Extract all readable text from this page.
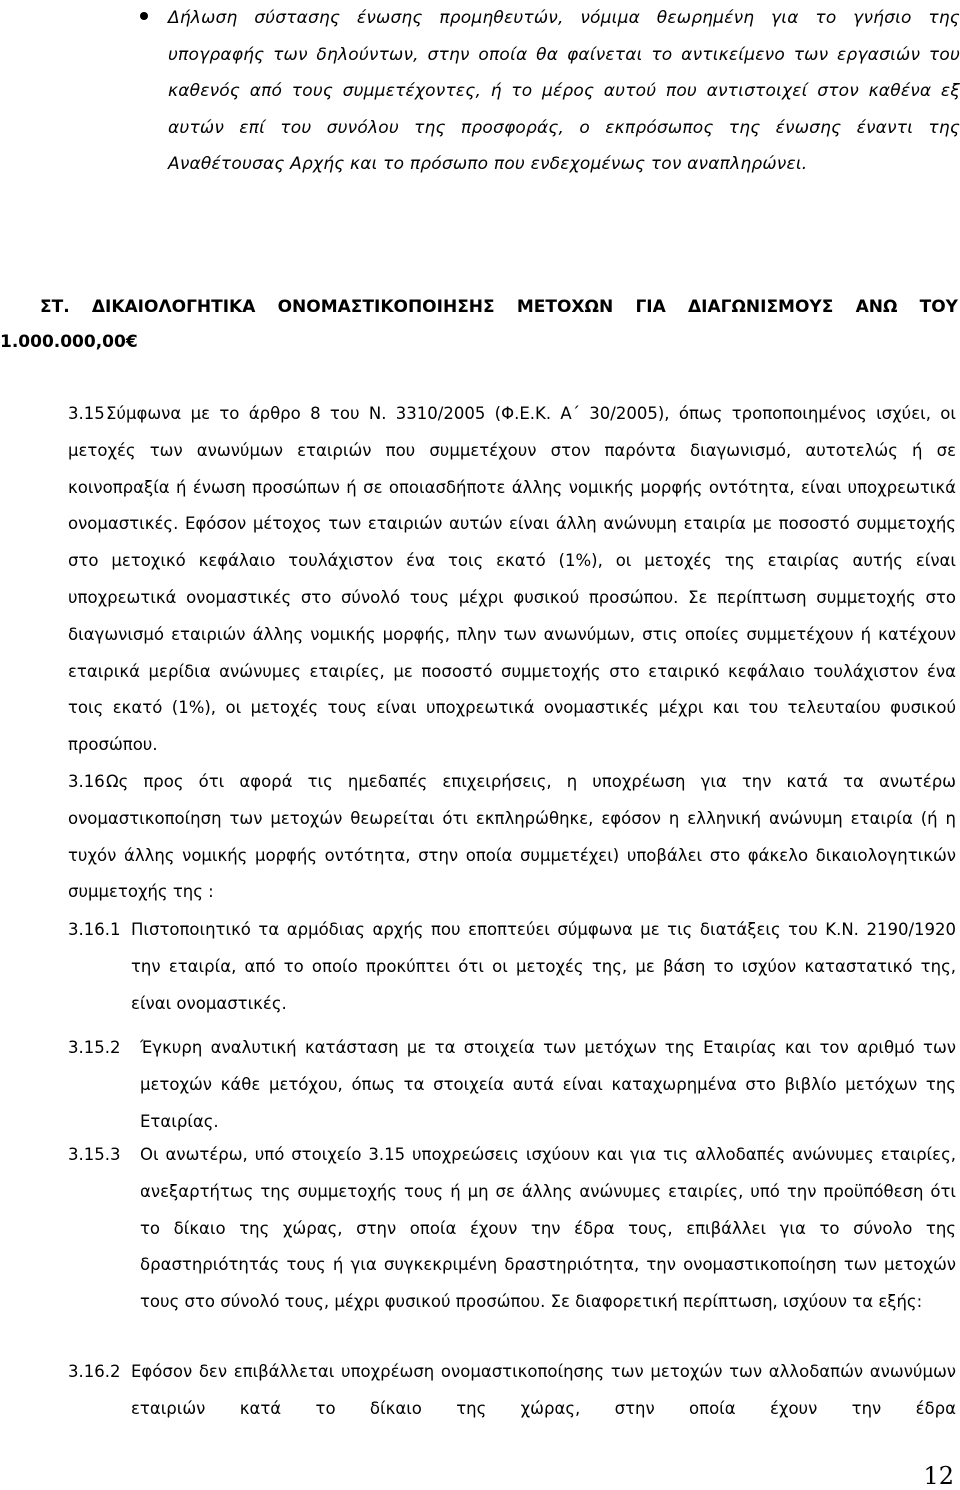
Δήλωση σύστασης ένωσης προμηθευτών, νόμιμα θεωρημένη για το γνήσιο της υπογραφής των δηλούντων, στην οποία θα φαίνεται το αντικείμενο των εργασιών του καθενός από τους συμμετέχοντες, ή το μέρος αυτού που αντιστοιχεί στον καθένα εξ αυτών επί του συνόλου της προσφοράς, ο εκπρόσωπος της ένωσης έναντι της Αναθέτουσας Αρχής και το πρόσωπο που ενδεχομένως τον αναπληρώνει.
ΣΤ. ΔΙΚΑΙΟΛΟΓΗΤΙΚΑ ΟΝΟΜΑΣΤΙΚΟΠΟΙΗΣΗΣ ΜΕΤΟΧΩΝ ΓΙΑ ΔΙΑΓΩΝΙΣΜΟΥΣ ΑΝΩ ΤΟΥ
1.000.000,00€
3.15 Σύμφωνα με το άρθρο 8 του Ν. 3310/2005 (Φ.Ε.Κ. Α΄ 30/2005), όπως τροποποιημένος ισχύει, οι μετοχές των ανωνύμων εταιριών που συμμετέχουν στον παρόντα διαγωνισμό, αυτοτελώς ή σε κοινοπραξία ή ένωση προσώπων ή σε οποιασδήποτε άλλης νομικής μορφής οντότητα, είναι υποχρεωτικά ονομαστικές. Εφόσον μέτοχος των εταιριών αυτών είναι άλλη ανώνυμη εταιρία με ποσοστό συμμετοχής στο μετοχικό κεφάλαιο τουλάχιστον ένα τοις εκατό (1%), οι μετοχές της εταιρίας αυτής είναι υποχρεωτικά ονομαστικές στο σύνολό τους μέχρι φυσικού προσώπου. Σε περίπτωση συμμετοχής στο διαγωνισμό εταιριών άλλης νομικής μορφής, πλην των ανωνύμων, στις οποίες συμμετέχουν ή κατέχουν εταιρικά μερίδια ανώνυμες εταιρίες, με ποσοστό συμμετοχής στο εταιρικό κεφάλαιο τουλάχιστον ένα τοις εκατό (1%), οι μετοχές τους είναι υποχρεωτικά ονομαστικές μέχρι και του τελευταίου φυσικού προσώπου.
3.16 Ως προς ότι αφορά τις ημεδαπές επιχειρήσεις, η υποχρέωση για την κατά τα ανωτέρω ονομαστικοποίηση των μετοχών θεωρείται ότι εκπληρώθηκε, εφόσον η ελληνική ανώνυμη εταιρία (ή η τυχόν άλλης νομικής μορφής οντότητα, στην οποία συμμετέχει) υποβάλει στο φάκελο δικαιολογητικών συμμετοχής της :
3.16.1 Πιστοποιητικό τα αρμόδιας αρχής που εποπτεύει σύμφωνα με τις διατάξεις του Κ.Ν. 2190/1920 την εταιρία, από το οποίο προκύπτει ότι οι μετοχές της, με βάση το ισχύον καταστατικό της, είναι ονομαστικές.
3.15.2 Έγκυρη αναλυτική κατάσταση με τα στοιχεία των μετόχων της Εταιρίας και τον αριθμό των μετοχών κάθε μετόχου, όπως τα στοιχεία αυτά είναι καταχωρημένα στο βιβλίο μετόχων της Εταιρίας.
3.15.3 Οι ανωτέρω, υπό στοιχείο 3.15 υποχρεώσεις ισχύουν και για τις αλλοδαπές ανώνυμες εταιρίες, ανεξαρτήτως της συμμετοχής τους ή μη σε άλλης ανώνυμες εταιρίες, υπό την προϋπόθεση ότι το δίκαιο της χώρας, στην οποία έχουν την έδρα τους, επιβάλλει για το σύνολο της δραστηριότητάς τους ή για συγκεκριμένη δραστηριότητα, την ονομαστικοποίηση των μετοχών τους στο σύνολό τους, μέχρι φυσικού προσώπου. Σε διαφορετική περίπτωση, ισχύουν τα εξής:
3.16.2 Εφόσον δεν επιβάλλεται υποχρέωση ονομαστικοποίησης των μετοχών των αλλοδαπών ανωνύμων εταιριών κατά το δίκαιο της χώρας, στην οποία έχουν την έδρα
12
